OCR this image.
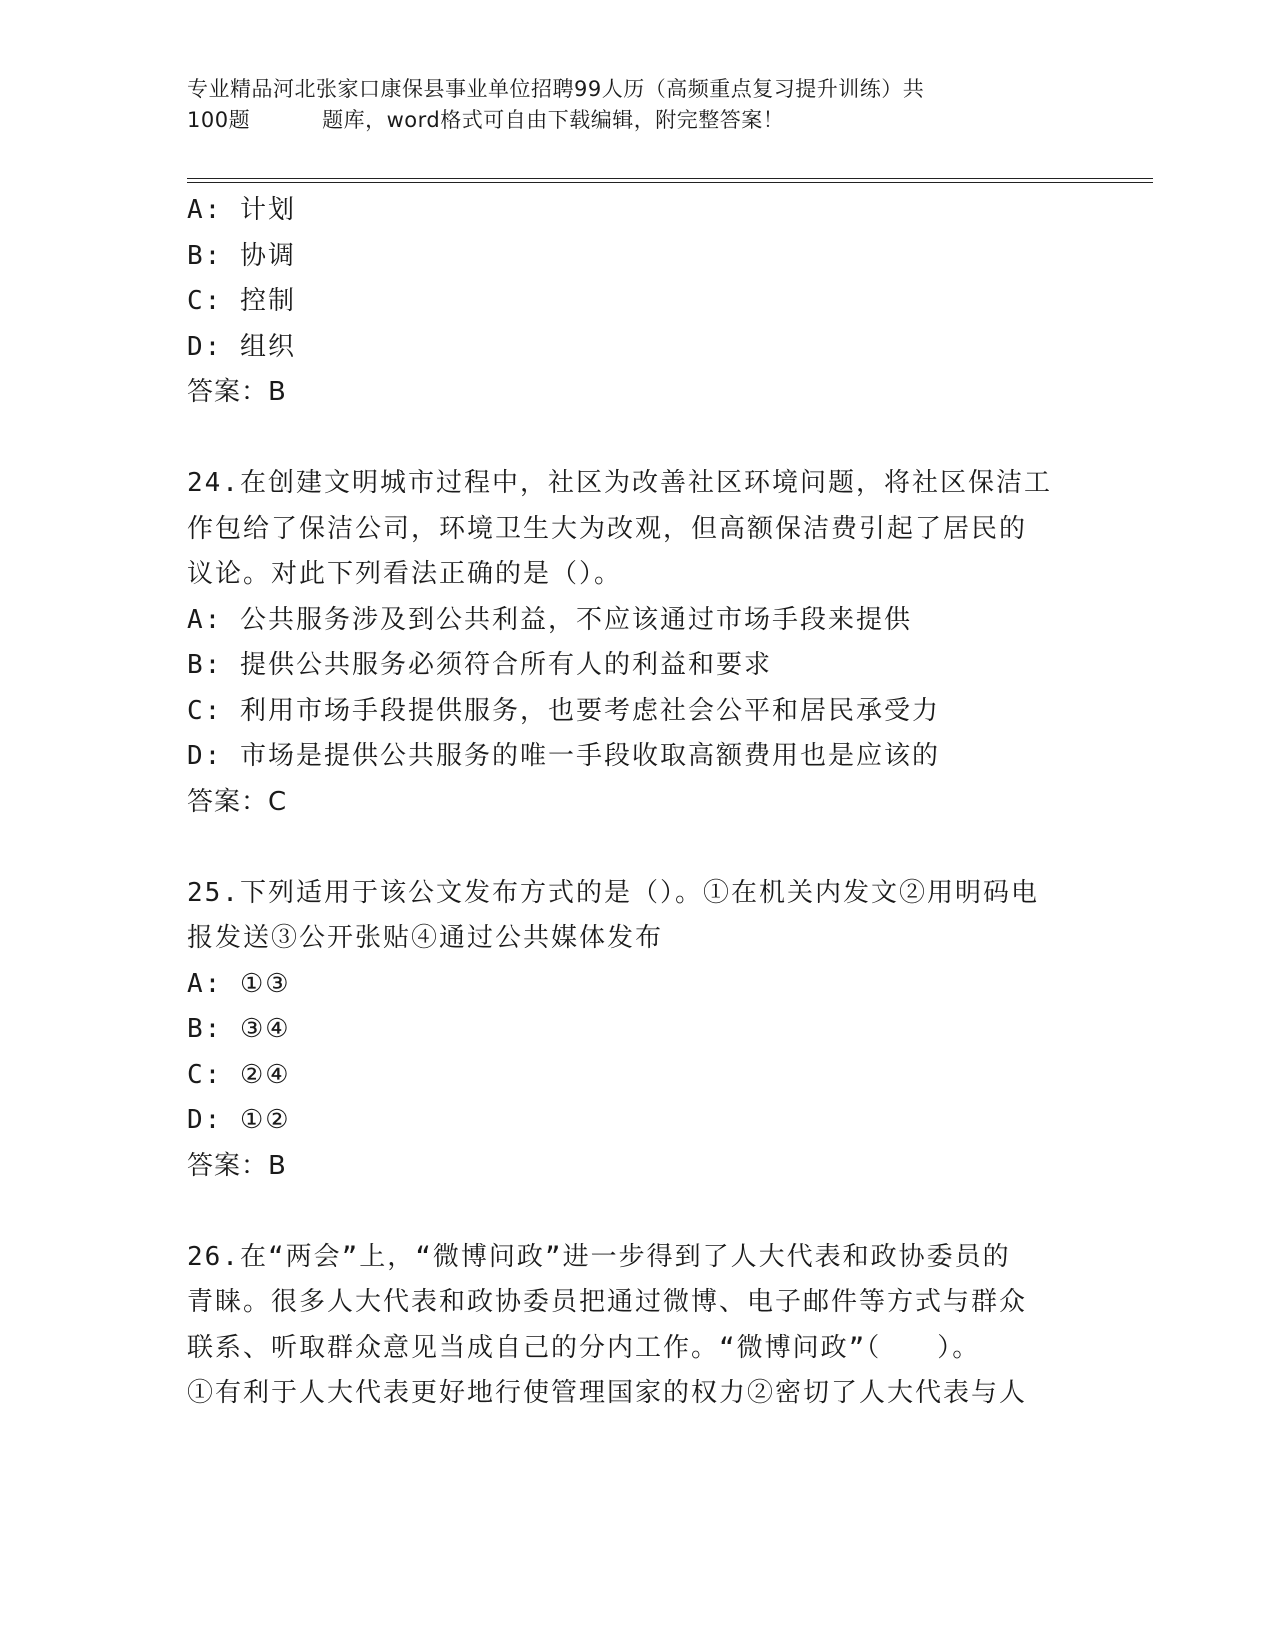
专业精品河北张家口康保县事业单位招聘99人历（高频重点复习提升训练）共
100题	题库，word格式可自由下载编辑，附完整答案！
A: 计划
B: 协调
C: 控制
D: 组织
答案：B
24.在创建文明城市过程中，社区为改善社区环境问题，将社区保洁工
作包给了保洁公司，环境卫生大为改观，但高额保洁费引起了居民的
议论。对此下列看法正确的是（）。
A: 公共服务涉及到公共利益，不应该通过市场手段来提供
B: 提供公共服务必须符合所有人的利益和要求
C: 利用市场手段提供服务，也要考虑社会公平和居民承受力
D: 市场是提供公共服务的唯一手段收取高额费用也是应该的
答案：C
25.下列适用于该公文发布方式的是（）。①在机关内发文②用明码电
报发送③公开张贴④通过公共媒体发布
A: ①③
B: ③④
C: ②④
D: ①②
答案：B
26.在“两会”上，“微博问政”进一步得到了人大代表和政协委员的
青睐。很多人大代表和政协委员把通过微博、电子邮件等方式与群众
联系、听取群众意见当成自己的分内工作。“微博问政”（　　）。
①有利于人大代表更好地行使管理国家的权力②密切了人大代表与人
